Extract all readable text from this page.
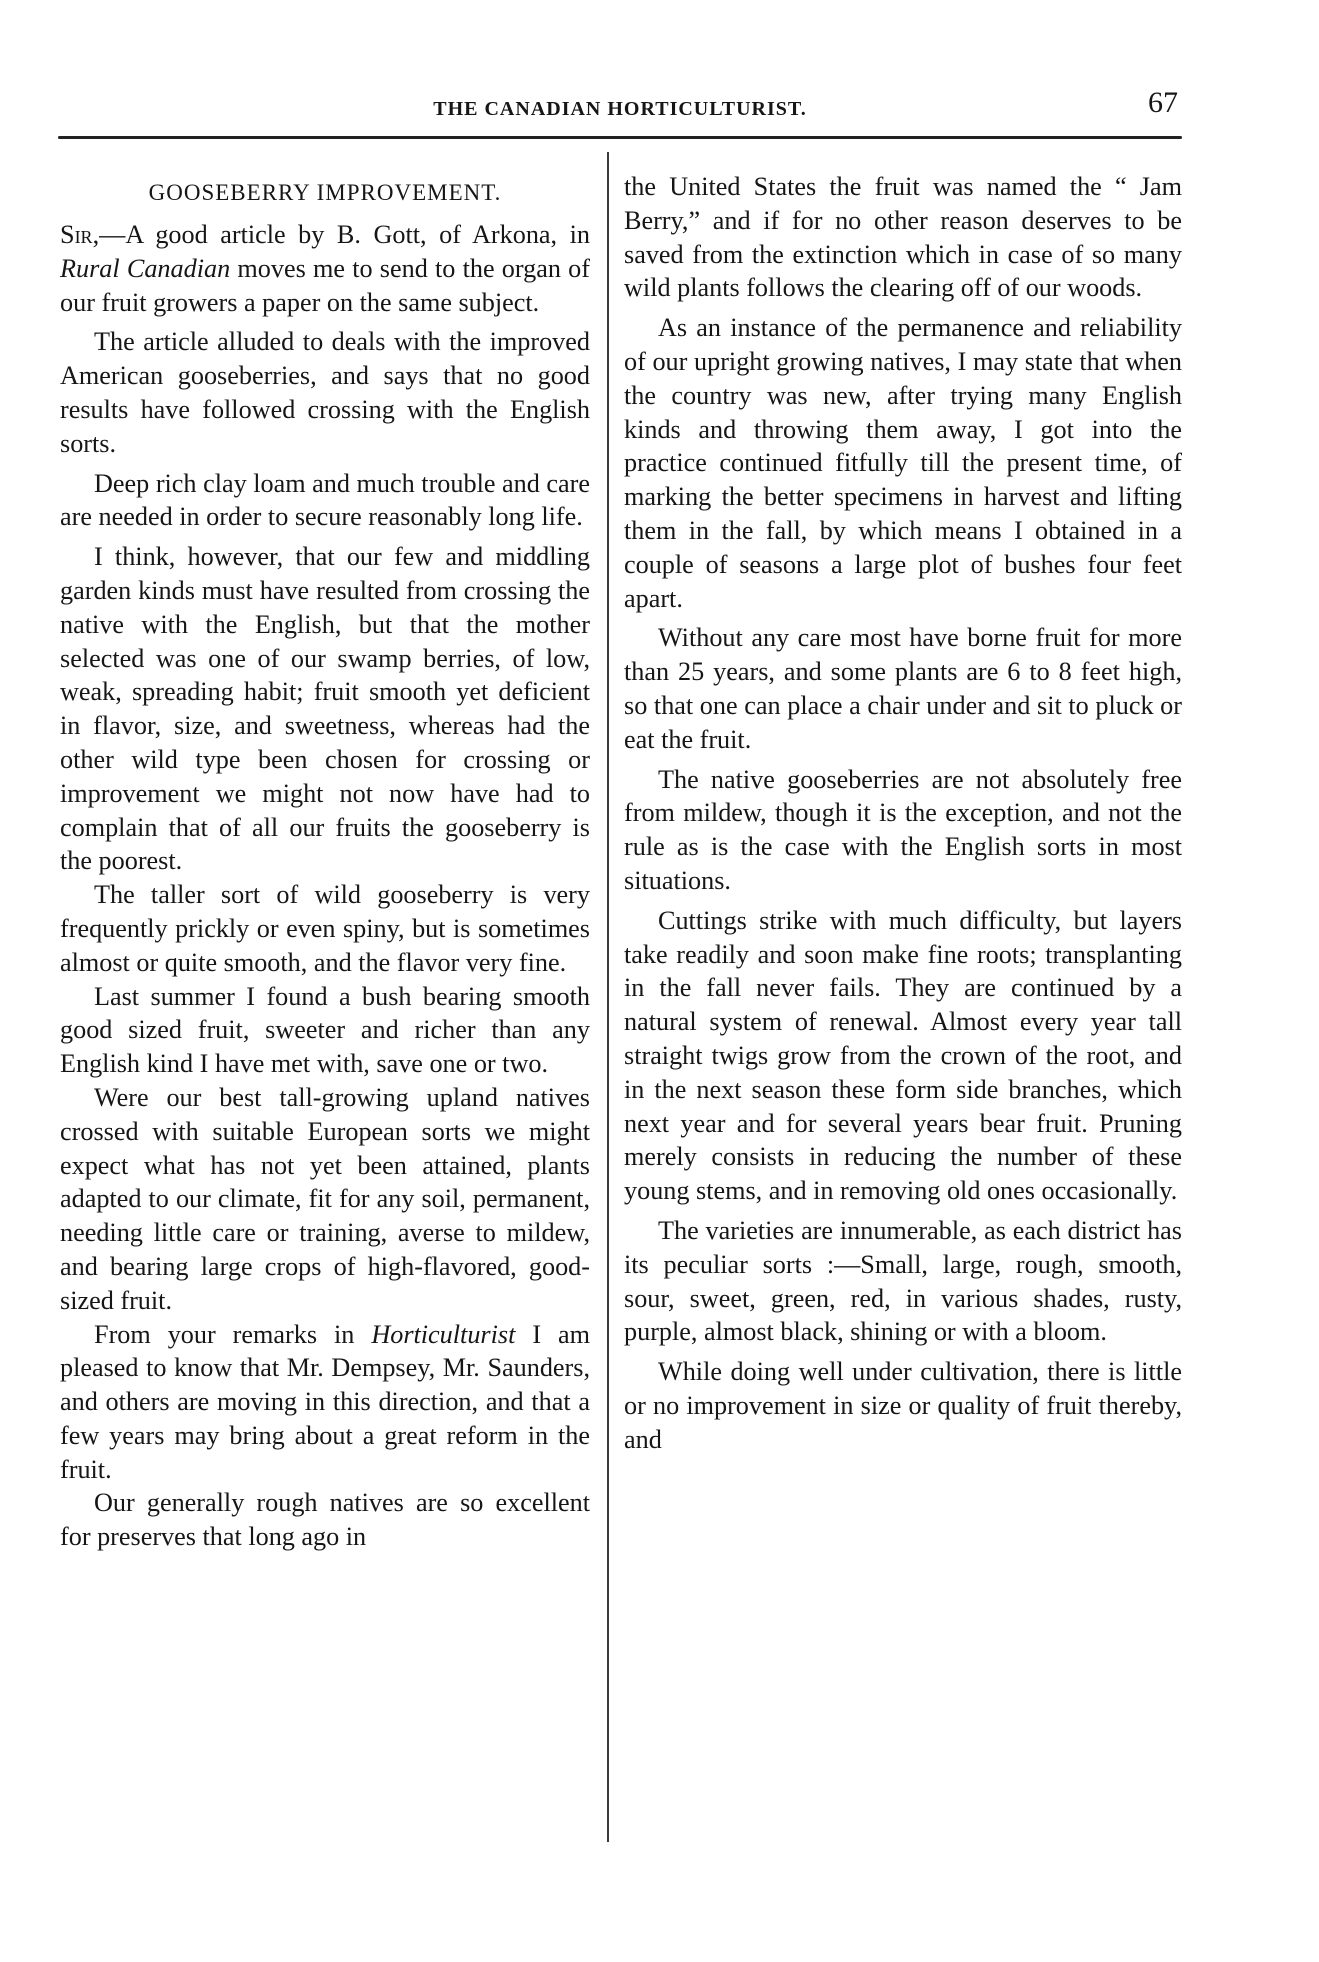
THE CANADIAN HORTICULTURIST.	67
GOOSEBERRY IMPROVEMENT.

Sir,—A good article by B. Gott, of Arkona, in Rural Canadian moves me to send to the organ of our fruit growers a paper on the same subject.

The article alluded to deals with the improved American gooseberries, and says that no good results have followed crossing with the English sorts.

Deep rich clay loam and much trouble and care are needed in order to secure reasonably long life.

I think, however, that our few and middling garden kinds must have resulted from crossing the native with the English, but that the mother selected was one of our swamp berries, of low, weak, spreading habit; fruit smooth yet deficient in flavor, size, and sweetness, whereas had the other wild type been chosen for crossing or improvement we might not now have had to complain that of all our fruits the gooseberry is the poorest.

The taller sort of wild gooseberry is very frequently prickly or even spiny, but is sometimes almost or quite smooth, and the flavor very fine.

Last summer I found a bush bearing smooth good sized fruit, sweeter and richer than any English kind I have met with, save one or two.

Were our best tall-growing upland natives crossed with suitable European sorts we might expect what has not yet been attained, plants adapted to our climate, fit for any soil, permanent, needing little care or training, averse to mildew, and bearing large crops of high-flavored, good-sized fruit.

From your remarks in Horticulturist I am pleased to know that Mr. Dempsey, Mr. Saunders, and others are moving in this direction, and that a few years may bring about a great reform in the fruit.

Our generally rough natives are so excellent for preserves that long ago in

the United States the fruit was named the “ Jam Berry,” and if for no other reason deserves to be saved from the extinction which in case of so many wild plants follows the clearing off of our woods.

As an instance of the permanence and reliability of our upright growing natives, I may state that when the country was new, after trying many English kinds and throwing them away, I got into the practice continued fitfully till the present time, of marking the better specimens in harvest and lifting them in the fall, by which means I obtained in a couple of seasons a large plot of bushes four feet apart.

Without any care most have borne fruit for more than 25 years, and some plants are 6 to 8 feet high, so that one can place a chair under and sit to pluck or eat the fruit.

The native gooseberries are not absolutely free from mildew, though it is the exception, and not the rule as is the case with the English sorts in most situations.

Cuttings strike with much difficulty, but layers take readily and soon make fine roots; transplanting in the fall never fails. They are continued by a natural system of renewal. Almost every year tall straight twigs grow from the crown of the root, and in the next season these form side branches, which next year and for several years bear fruit. Pruning merely consists in reducing the number of these young stems, and in removing old ones occasionally.

The varieties are innumerable, as each district has its peculiar sorts :—Small, large, rough, smooth, sour, sweet, green, red, in various shades, rusty, purple, almost black, shining or with a bloom.

While doing well under cultivation, there is little or no improvement in size or quality of fruit thereby, and
